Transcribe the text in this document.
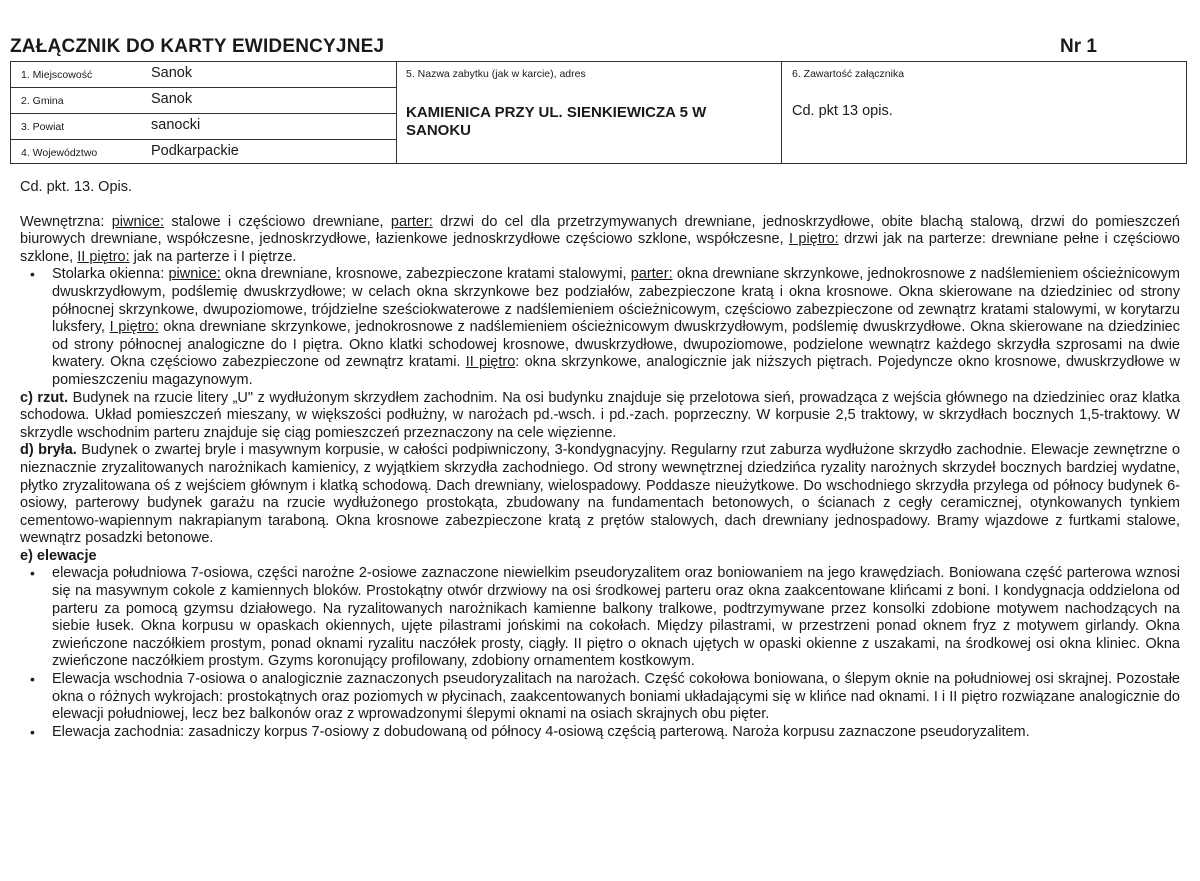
ZAŁĄCZNIK DO KARTY EWIDENCYJNEJ	Nr 1
1. Miejscowość	Sanok
2. Gmina	Sanok
3. Powiat	sanocki
4. Województwo	Podkarpackie
5. Nazwa zabytku (jak w karcie), adres
KAMIENICA PRZY UL. SIENKIEWICZA 5 W SANOKU
6. Zawartość załącznika
Cd. pkt 13 opis.

Cd. pkt. 13. Opis.

Wewnętrzna: piwnice: stalowe i częściowo drewniane, parter: drzwi do cel dla przetrzymywanych drewniane, jednoskrzydłowe, obite blachą stalową, drzwi do pomieszczeń biurowych drewniane, współczesne, jednoskrzydłowe, łazienkowe jednoskrzydłowe częściowo szklone, współczesne, I piętro: drzwi jak na parterze: drewniane pełne i częściowo szklone, II piętro: jak na parterze i I piętrze.

• Stolarka okienna: piwnice: okna drewniane, krosnowe, zabezpieczone kratami stalowymi, parter: okna drewniane skrzynkowe, jednokrosnowe z nadślemieniem ościeżnicowym dwuskrzydłowym, podślemię dwuskrzydłowe; w celach okna skrzynkowe bez podziałów, zabezpieczone kratą i okna krosnowe. Okna skierowane na dziedziniec od strony północnej skrzynkowe, dwupoziomowe, trójdzielne sześciokwaterowe z nadślemieniem ościeżnicowym, częściowo zabezpieczone od zewnątrz kratami stalowymi, w korytarzu luksfery, I piętro: okna drewniane skrzynkowe, jednokrosnowe z nadślemieniem ościeżnicowym dwuskrzydłowym, podślemię dwuskrzydłowe. Okna skierowane na dziedziniec od strony północnej analogiczne do I piętra. Okno klatki schodowej krosnowe, dwuskrzydłowe, dwupoziomowe, podzielone wewnątrz każdego skrzydła szprosami na dwie kwatery. Okna częściowo zabezpieczone od zewnątrz kratami. II piętro: okna skrzynkowe, analogicznie jak niższych piętrach. Pojedyncze okno krosnowe, dwuskrzydłowe w pomieszczeniu magazynowym.

c) rzut. Budynek na rzucie litery „U" z wydłużonym skrzydłem zachodnim. Na osi budynku znajduje się przelotowa sień, prowadząca z wejścia głównego na dziedziniec oraz klatka schodowa. Układ pomieszczeń mieszany, w większości podłużny, w narożach pd.-wsch. i pd.-zach. poprzeczny. W korpusie 2,5 traktowy, w skrzydłach bocznych 1,5-traktowy. W skrzydle wschodnim parteru znajduje się ciąg pomieszczeń przeznaczony na cele więzienne.

d) bryła. Budynek o zwartej bryle i masywnym korpusie, w całości podpiwniczony, 3-kondygnacyjny. Regularny rzut zaburza wydłużone skrzydło zachodnie. Elewacje zewnętrzne o nieznacznie zryzalitowanych narożnikach kamienicy, z wyjątkiem skrzydła zachodniego. Od strony wewnętrznej dziedzińca ryzality narożnych skrzydeł bocznych bardziej wydatne, płytko zryzalitowana oś z wejściem głównym i klatką schodową. Dach drewniany, wielospadowy. Poddasze nieużytkowe. Do wschodniego skrzydła przylega od północy budynek 6-osiowy, parterowy budynek garażu na rzucie wydłużonego prostokąta, zbudowany na fundamentach betonowych, o ścianach z cegły ceramicznej, otynkowanych tynkiem cementowo-wapiennym nakrapianym taraboną. Okna krosnowe zabezpieczone kratą z prętów stalowych, dach drewniany jednospadowy. Bramy wjazdowe z furtkami stalowe, wewnątrz posadzki betonowe.

e) elewacje

• elewacja południowa 7-osiowa, części narożne 2-osiowe zaznaczone niewielkim pseudoryzalitem oraz boniowaniem na jego krawędziach. Boniowana część parterowa wznosi się na masywnym cokole z kamiennych bloków. Prostokątny otwór drzwiowy na osi środkowej parteru oraz okna zaakcentowane klińcami z boni. I kondygnacja oddzielona od parteru za pomocą gzymsu działowego. Na ryzalitowanych narożnikach kamienne balkony tralkowe, podtrzymywane przez konsolki zdobione motywem nachodzących na siebie łusek. Okna korpusu w opaskach okiennych, ujęte pilastrami jońskimi na cokołach. Między pilastrami, w przestrzeni ponad oknem fryz z motywem girlandy. Okna zwieńczone naczółkiem prostym, ponad oknami ryzalitu naczółek prosty, ciągły. II piętro o oknach ujętych w opaski okienne z uszakami, na środkowej osi okna kliniec. Okna zwieńczone naczółkiem prostym. Gzyms koronujący profilowany, zdobiony ornamentem kostkowym.

• Elewacja wschodnia 7-osiowa o analogicznie zaznaczonych pseudoryzalitach na narożach. Część cokołowa boniowana, o ślepym oknie na południowej osi skrajnej. Pozostałe okna o różnych wykrojach: prostokątnych oraz poziomych w płycinach, zaakcentowanych boniami układającymi się w klińce nad oknami. I i II piętro rozwiązane analogicznie do elewacji południowej, lecz bez balkonów oraz z wprowadzonymi ślepymi oknami na osiach skrajnych obu pięter.

• Elewacja zachodnia: zasadniczy korpus 7-osiowy z dobudowaną od północy 4-osiową częścią parterową. Naroża korpusu zaznaczone pseudoryzalitem.
